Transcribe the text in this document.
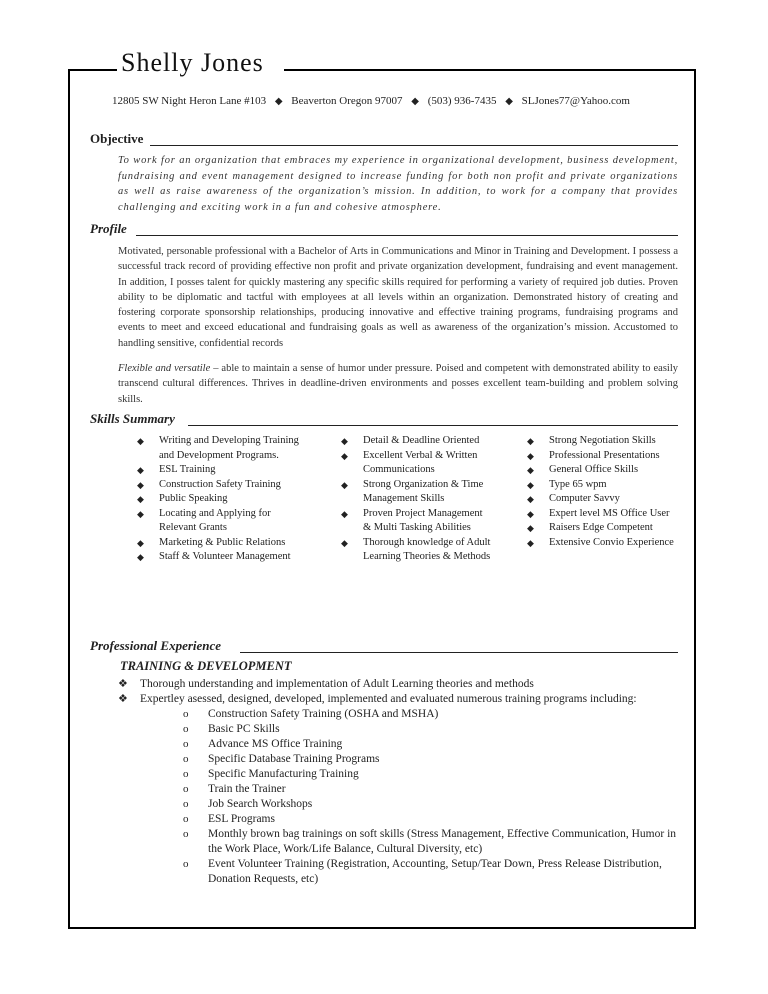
Shelly Jones
12805 SW Night Heron Lane #103 ◆ Beaverton Oregon 97007 ◆ (503) 936-7435 ◆ SLJones77@Yahoo.com
Objective

To work for an organization that embraces my experience in organizational development, business development, fundraising and event management designed to increase funding for both non profit and private organizations as well as raise awareness of the organization’s mission. In addition, to work for a company that provides challenging and exciting work in a fun and cohesive atmosphere.

Profile

Motivated, personable professional with a Bachelor of Arts in Communications and Minor in Training and Development. I possess a successful track record of providing effective non profit and private organization development, fundraising and event management. In addition, I posses talent for quickly mastering any specific skills required for performing a variety of required job duties. Proven ability to be diplomatic and tactful with employees at all levels within an organization. Demonstrated history of creating and fostering corporate sponsorship relationships, producing innovative and effective training programs, fundraising programs and events to meet and exceed educational and fundraising goals as well as awareness of the organization’s mission. Accustomed to handling sensitive, confidential records

Flexible and versatile – able to maintain a sense of humor under pressure. Poised and competent with demonstrated ability to easily transcend cultural differences. Thrives in deadline-driven environments and posses excellent team-building and problem solving skills.

Skills Summary
◆ Writing and Developing Training and Development Programs.
◆ ESL Training
◆ Construction Safety Training
◆ Public Speaking
◆ Locating and Applying for Relevant Grants
◆ Marketing & Public Relations
◆ Staff & Volunteer Management
◆ Detail & Deadline Oriented
◆ Excellent Verbal & Written Communications
◆ Strong Organization & Time Management Skills
◆ Proven Project Management & Multi Tasking Abilities
◆ Thorough knowledge of Adult Learning Theories & Methods
◆ Strong Negotiation Skills
◆ Professional Presentations
◆ General Office Skills
◆ Type 65 wpm
◆ Computer Savvy
◆ Expert level MS Office User
◆ Raisers Edge Competent
◆ Extensive Convio Experience
Professional Experience
TRAINING & DEVELOPMENT
❖ Thorough understanding and implementation of Adult Learning theories and methods
❖ Expertley asessed, designed, developed, implemented and evaluated numerous training programs including:
o Construction Safety Training (OSHA and MSHA)
o Basic PC Skills
o Advance MS Office Training
o Specific Database Training Programs
o Specific Manufacturing Training
o Train the Trainer
o Job Search Workshops
o ESL Programs
o Monthly brown bag trainings on soft skills (Stress Management, Effective Communication, Humor in the Work Place, Work/Life Balance, Cultural Diversity, etc)
o Event Volunteer Training (Registration, Accounting, Setup/Tear Down, Press Release Distribution, Donation Requests, etc)
